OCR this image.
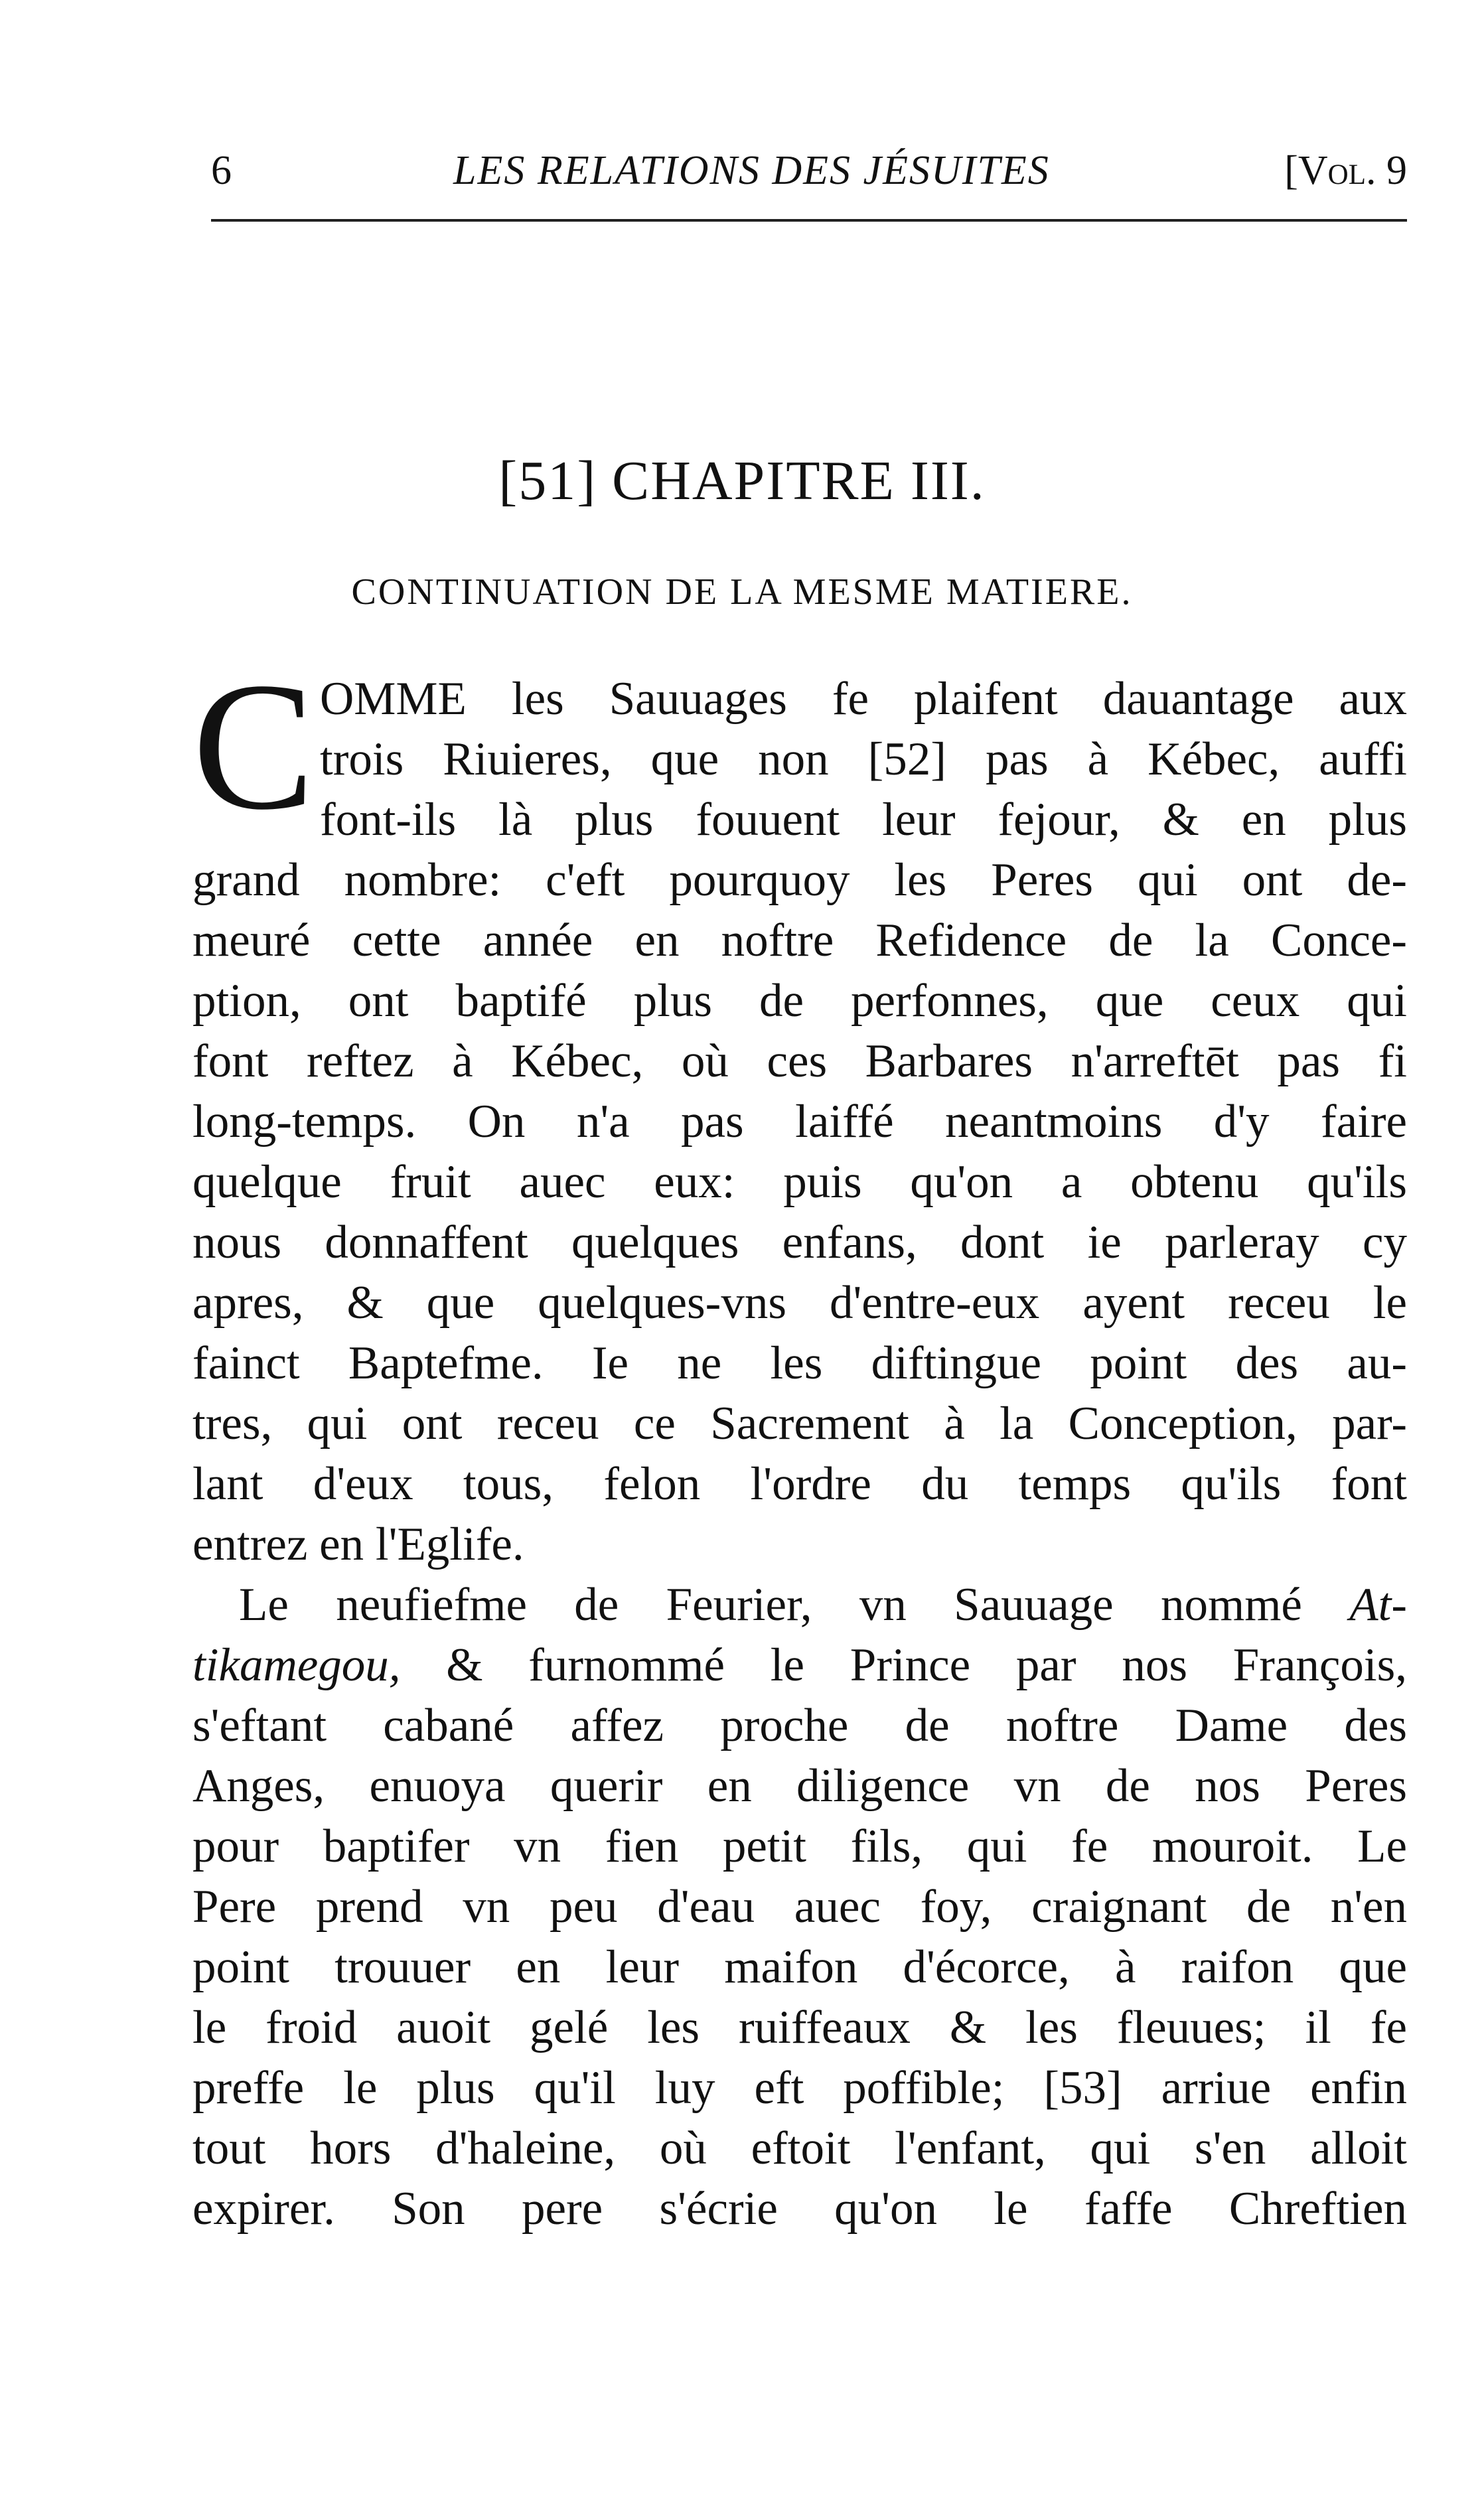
6	LES RELATIONS DES JÉSUITES	[Vol. 9
[51] CHAPITRE III.
CONTINUATION DE LA MESME MATIERE.
C OMME les Sauuages fe plaifent dauantage aux
trois Riuieres, que non [52] pas à Kébec, auffi
font-ils là plus fouuent leur fejour, & en plus
grand nombre: c'eft pourquoy les Peres qui ont de-
meuré cette année en noftre Refidence de la Conce-
ption, ont baptifé plus de perfonnes, que ceux qui
font reftez à Kébec, où ces Barbares n'arreftēt pas fi
long-temps. On n'a pas laiffé neantmoins d'y faire
quelque fruit auec eux: puis qu'on a obtenu qu'ils
nous donnaffent quelques enfans, dont ie parleray cy
apres, & que quelques-vns d'entre-eux ayent receu le
fainct Baptefme. Ie ne les diftingue point des au-
tres, qui ont receu ce Sacrement à la Conception, par-
lant d'eux tous, felon l'ordre du temps qu'ils font
entrez en l'Eglife.
Le neufiefme de Feurier, vn Sauuage nommé At-
tikamegou, & furnommé le Prince par nos François,
s'eftant cabané affez proche de noftre Dame des
Anges, enuoya querir en diligence vn de nos Peres
pour baptifer vn fien petit fils, qui fe mouroit. Le
Pere prend vn peu d'eau auec foy, craignant de n'en
point trouuer en leur maifon d'écorce, à raifon que
le froid auoit gelé les ruiffeaux & les fleuues; il fe
preffe le plus qu'il luy eft poffible; [53] arriue enfin
tout hors d'haleine, où eftoit l'enfant, qui s'en alloit
expirer. Son pere s'écrie qu'on le faffe Chreftien
